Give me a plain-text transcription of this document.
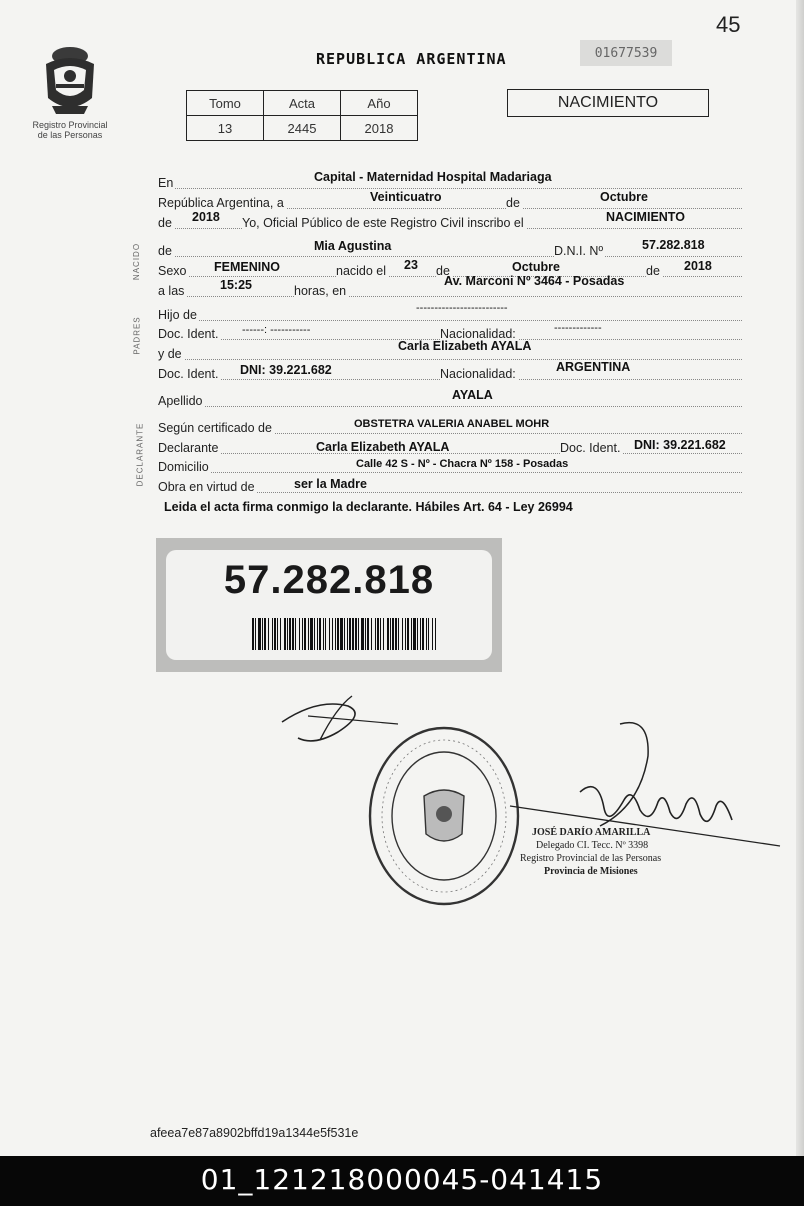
45
Registro Provincial
de las Personas
REPUBLICA ARGENTINA	01677539
Tomo	Acta	Año
13	2445	2018
NACIMIENTO
NACIDO
PADRES
DECLARANTE
En	Capital - Maternidad Hospital Madariaga
República Argentina, a	Veinticuatro	de	Octubre
de 2018 Yo, Oficial Público de este Registro Civil inscribo el	NACIMIENTO
de	Mia Agustina	D.N.I. Nº	57.282.818
Sexo FEMENINO	nacido el 23 de	Octubre	de 2018
a las	15:25	horas, en
Av. Marconi Nº 3464 - Posadas
Hijo de	-------------------------
Doc. Ident. ------: -----------	Nacionalidad:	-------------
y de
Carla Elizabeth AYALA
Doc. Ident. DNI: 39.221.682	Nacionalidad:	ARGENTINA
Apellido	AYALA
Según certificado de	OBSTETRA VALERIA ANABEL MOHR
Declarante	Carla Elizabeth AYALA	Doc. Ident. DNI: 39.221.682
Domicilio	Calle 42 S - Nº - Chacra Nº 158 - Posadas
Obra en virtud de	ser la Madre
Leida el acta firma conmigo la declarante. Hábiles Art. 64 - Ley 26994
57.282.818
JOSÉ DARÍO AMARILLA
Delegado CI. Tecc. Nº 3398
Registro Provincial de las Personas
Provincia de Misiones
afeea7e87a8902bffd19a1344e5f531e
01_121218000045-041415
